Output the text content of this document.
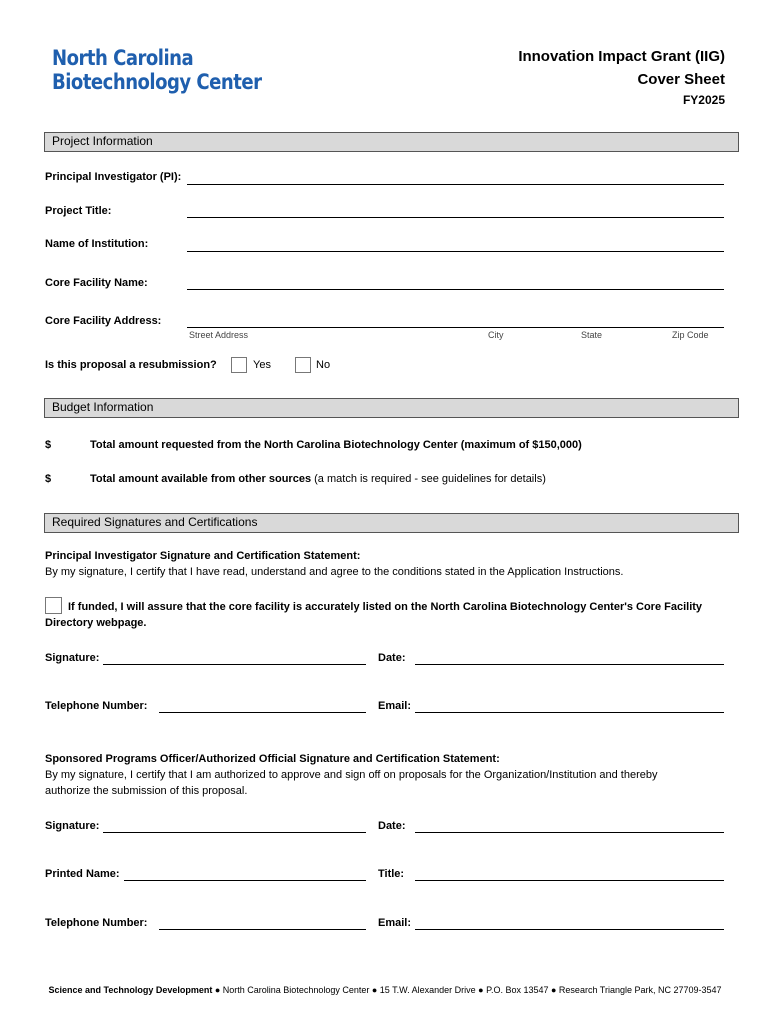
North Carolina
Biotechnology Center
Innovation Impact Grant (IIG)
Cover Sheet
FY2025
Project Information
Principal Investigator (PI):
Project Title:
Name of Institution:
Core Facility Name:
Core Facility Address:
Street Address	City	State	Zip Code
Is this proposal a resubmission?	Yes	No
Budget Information
$	Total amount requested from the North Carolina Biotechnology Center (maximum of $150,000)
$	Total amount available from other sources (a match is required - see guidelines for details)
Required Signatures and Certifications
Principal Investigator Signature and Certification Statement:
By my signature, I certify that I have read, understand and agree to the conditions stated in the Application Instructions.
If funded, I will assure that the core facility is accurately listed on the North Carolina Biotechnology Center's Core Facility
Directory webpage.
Signature:	Date:
Telephone Number:	Email:
Sponsored Programs Officer/Authorized Official Signature and Certification Statement:
By my signature, I certify that I am authorized to approve and sign off on proposals for the Organization/Institution and thereby
authorize the submission of this proposal.
Signature:	Date:
Printed Name:	Title:
Telephone Number:	Email:
Science and Technology Development ● North Carolina Biotechnology Center ● 15 T.W. Alexander Drive ● P.O. Box 13547 ● Research Triangle Park, NC 27709-3547
